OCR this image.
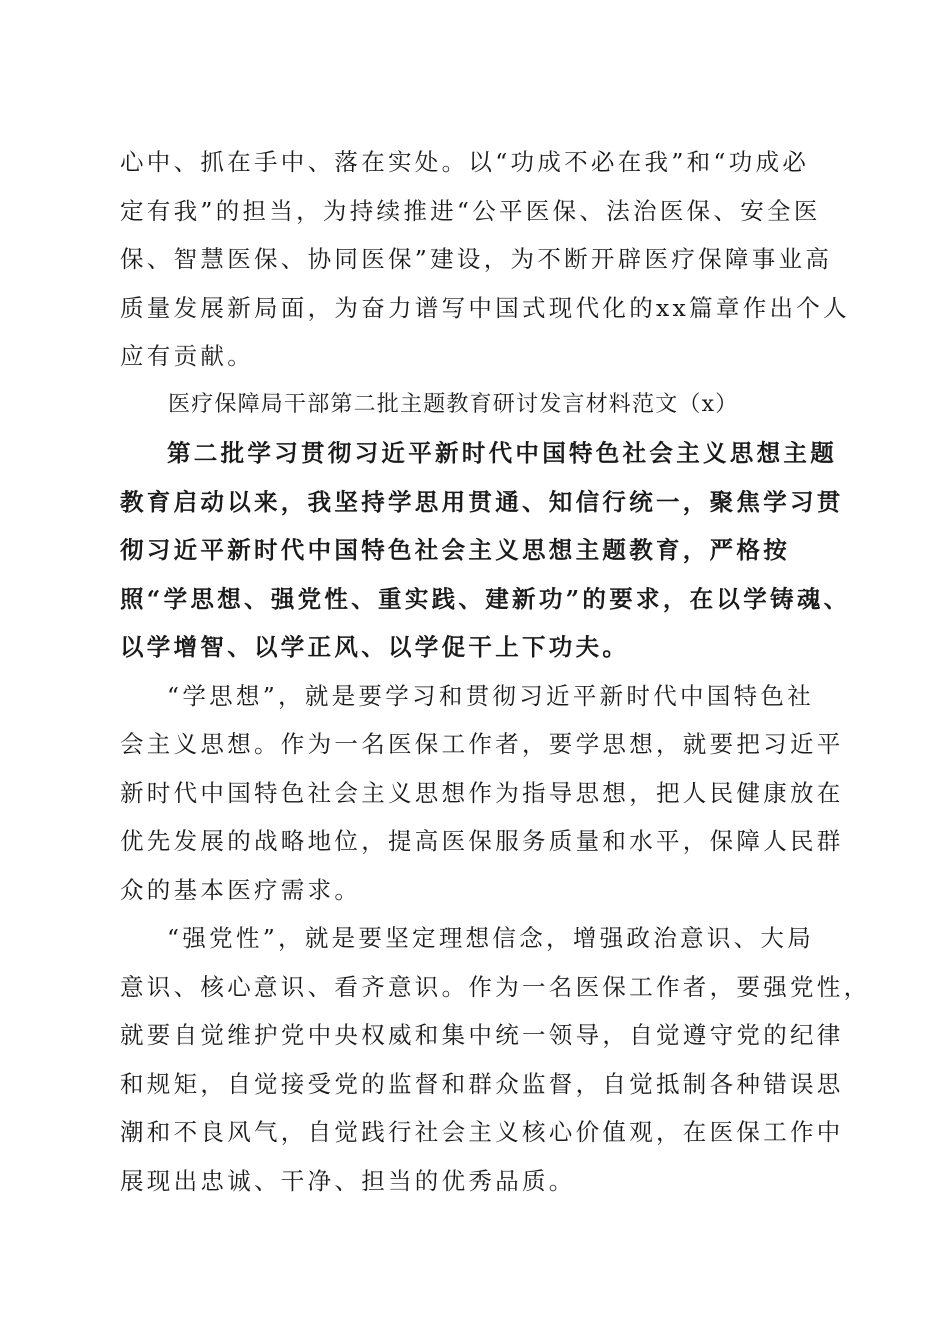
心中、抓在手中、落在实处。以“功成不必在我”和“功成必
定有我”的担当，为持续推进“公平医保、法治医保、安全医
保、智慧医保、协同医保”建设，为不断开辟医疗保障事业高
质量发展新局面，为奋力谱写中国式现代化的xx篇章作出个人
应有贡献。
医疗保障局干部第二批主题教育研讨发言材料范文（x）
第二批学习贯彻习近平新时代中国特色社会主义思想主题
教育启动以来，我坚持学思用贯通、知信行统一，聚焦学习贯
彻习近平新时代中国特色社会主义思想主题教育，严格按
照“学思想、强党性、重实践、建新功”的要求，在以学铸魂、
以学增智、以学正风、以学促干上下功夫。
“学思想”，就是要学习和贯彻习近平新时代中国特色社
会主义思想。作为一名医保工作者，要学思想，就要把习近平
新时代中国特色社会主义思想作为指导思想，把人民健康放在
优先发展的战略地位，提高医保服务质量和水平，保障人民群
众的基本医疗需求。
“强党性”，就是要坚定理想信念，增强政治意识、大局
意识、核心意识、看齐意识。作为一名医保工作者，要强党性，
就要自觉维护党中央权威和集中统一领导，自觉遵守党的纪律
和规矩，自觉接受党的监督和群众监督，自觉抵制各种错误思
潮和不良风气，自觉践行社会主义核心价值观，在医保工作中
展现出忠诚、干净、担当的优秀品质。
